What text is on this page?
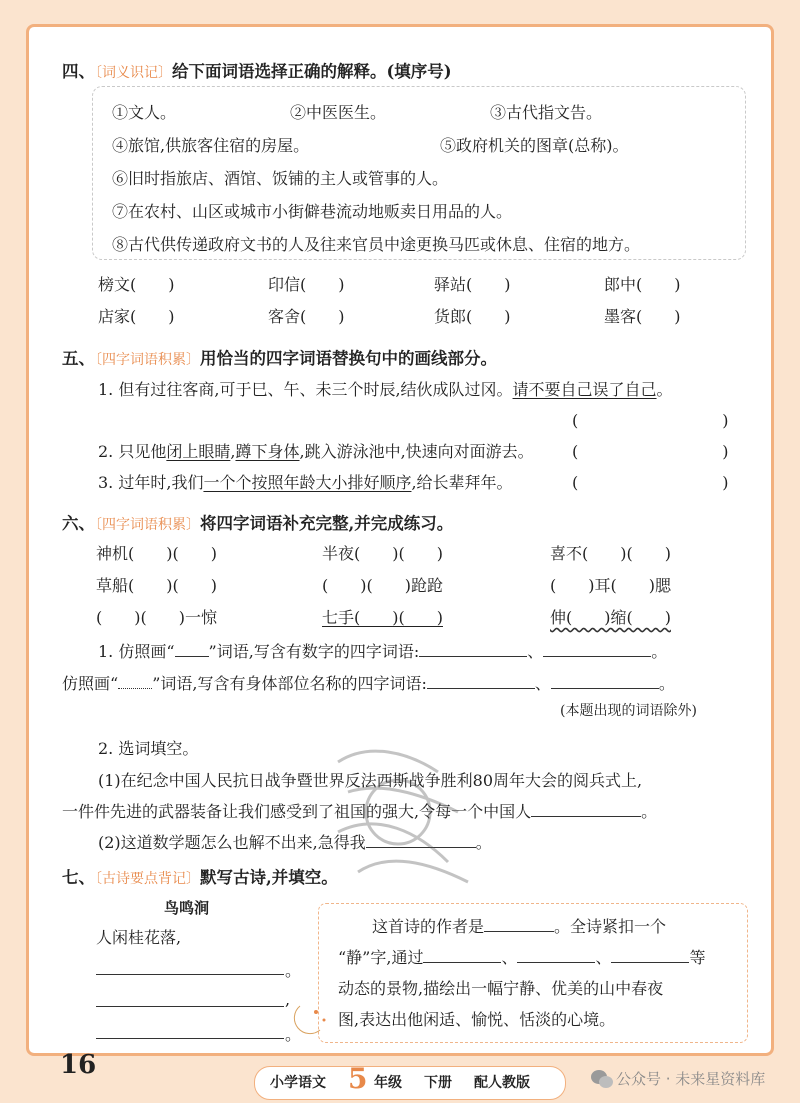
四、〔词义识记〕给下面词语选择正确的解释。(填序号)
①文人。	②中医医生。	③古代指文告。
④旅馆,供旅客住宿的房屋。	⑤政府机关的图章(总称)。
⑥旧时指旅店、酒馆、饭铺的主人或管事的人。
⑦在农村、山区或城市小街僻巷流动地贩卖日用品的人。
⑧古代供传递政府文书的人及往来官员中途更换马匹或休息、住宿的地方。
榜文(　　)	印信(　　)	驿站(　　)	郎中(　　)
店家(　　)	客舍(　　)	货郎(　　)	墨客(　　)
五、〔四字词语积累〕用恰当的四字词语替换句中的画线部分。
1. 但有过往客商,可于巳、午、未三个时辰,结伙成队过冈。请不要自己误了自己。
(　　　　　　　　　)
2. 只见他闭上眼睛,蹲下身体,跳入游泳池中,快速向对面游去。 (　　　　　　　　　)
3. 过年时,我们一个个按照年龄大小排好顺序,给长辈拜年。	(　　　　　　　　　)
六、〔四字词语积累〕将四字词语补充完整,并完成练习。
神机(　　)(　　)	半夜(　　)(　　)	喜不(　　)(　　)
草船(　　)(　　)	(　　)(　　)跄跄	(　　)耳(　　)腮
(　　)(　　)一惊	七手(　　)(　　)	伸(　　)缩(　　)
1. 仿照画“ ”词语,写含有数字的四字词语:	、	。
仿照画“ ”词语,写含有身体部位名称的四字词语:	、	。
(本题出现的词语除外)
2. 选词填空。
(1)在纪念中国人民抗日战争暨世界反法西斯战争胜利80周年大会的阅兵式上,
一件件先进的武器装备让我们感受到了祖国的强大,令每一个中国人	。
(2)这道数学题怎么也解不出来,急得我	。
七、〔古诗要点背记〕默写古诗,并填空。
鸟鸣涧
人闲桂花落,
。
,
。
这首诗的作者是	。全诗紧扣一个
“静”字,通过	、	、	等
动态的景物,描绘出一幅宁静、优美的山中春夜
图,表达出他闲适、愉悦、恬淡的心境。
16
小学语文 5 年级 下册 配人教版	公众号 · 未来星资料库
